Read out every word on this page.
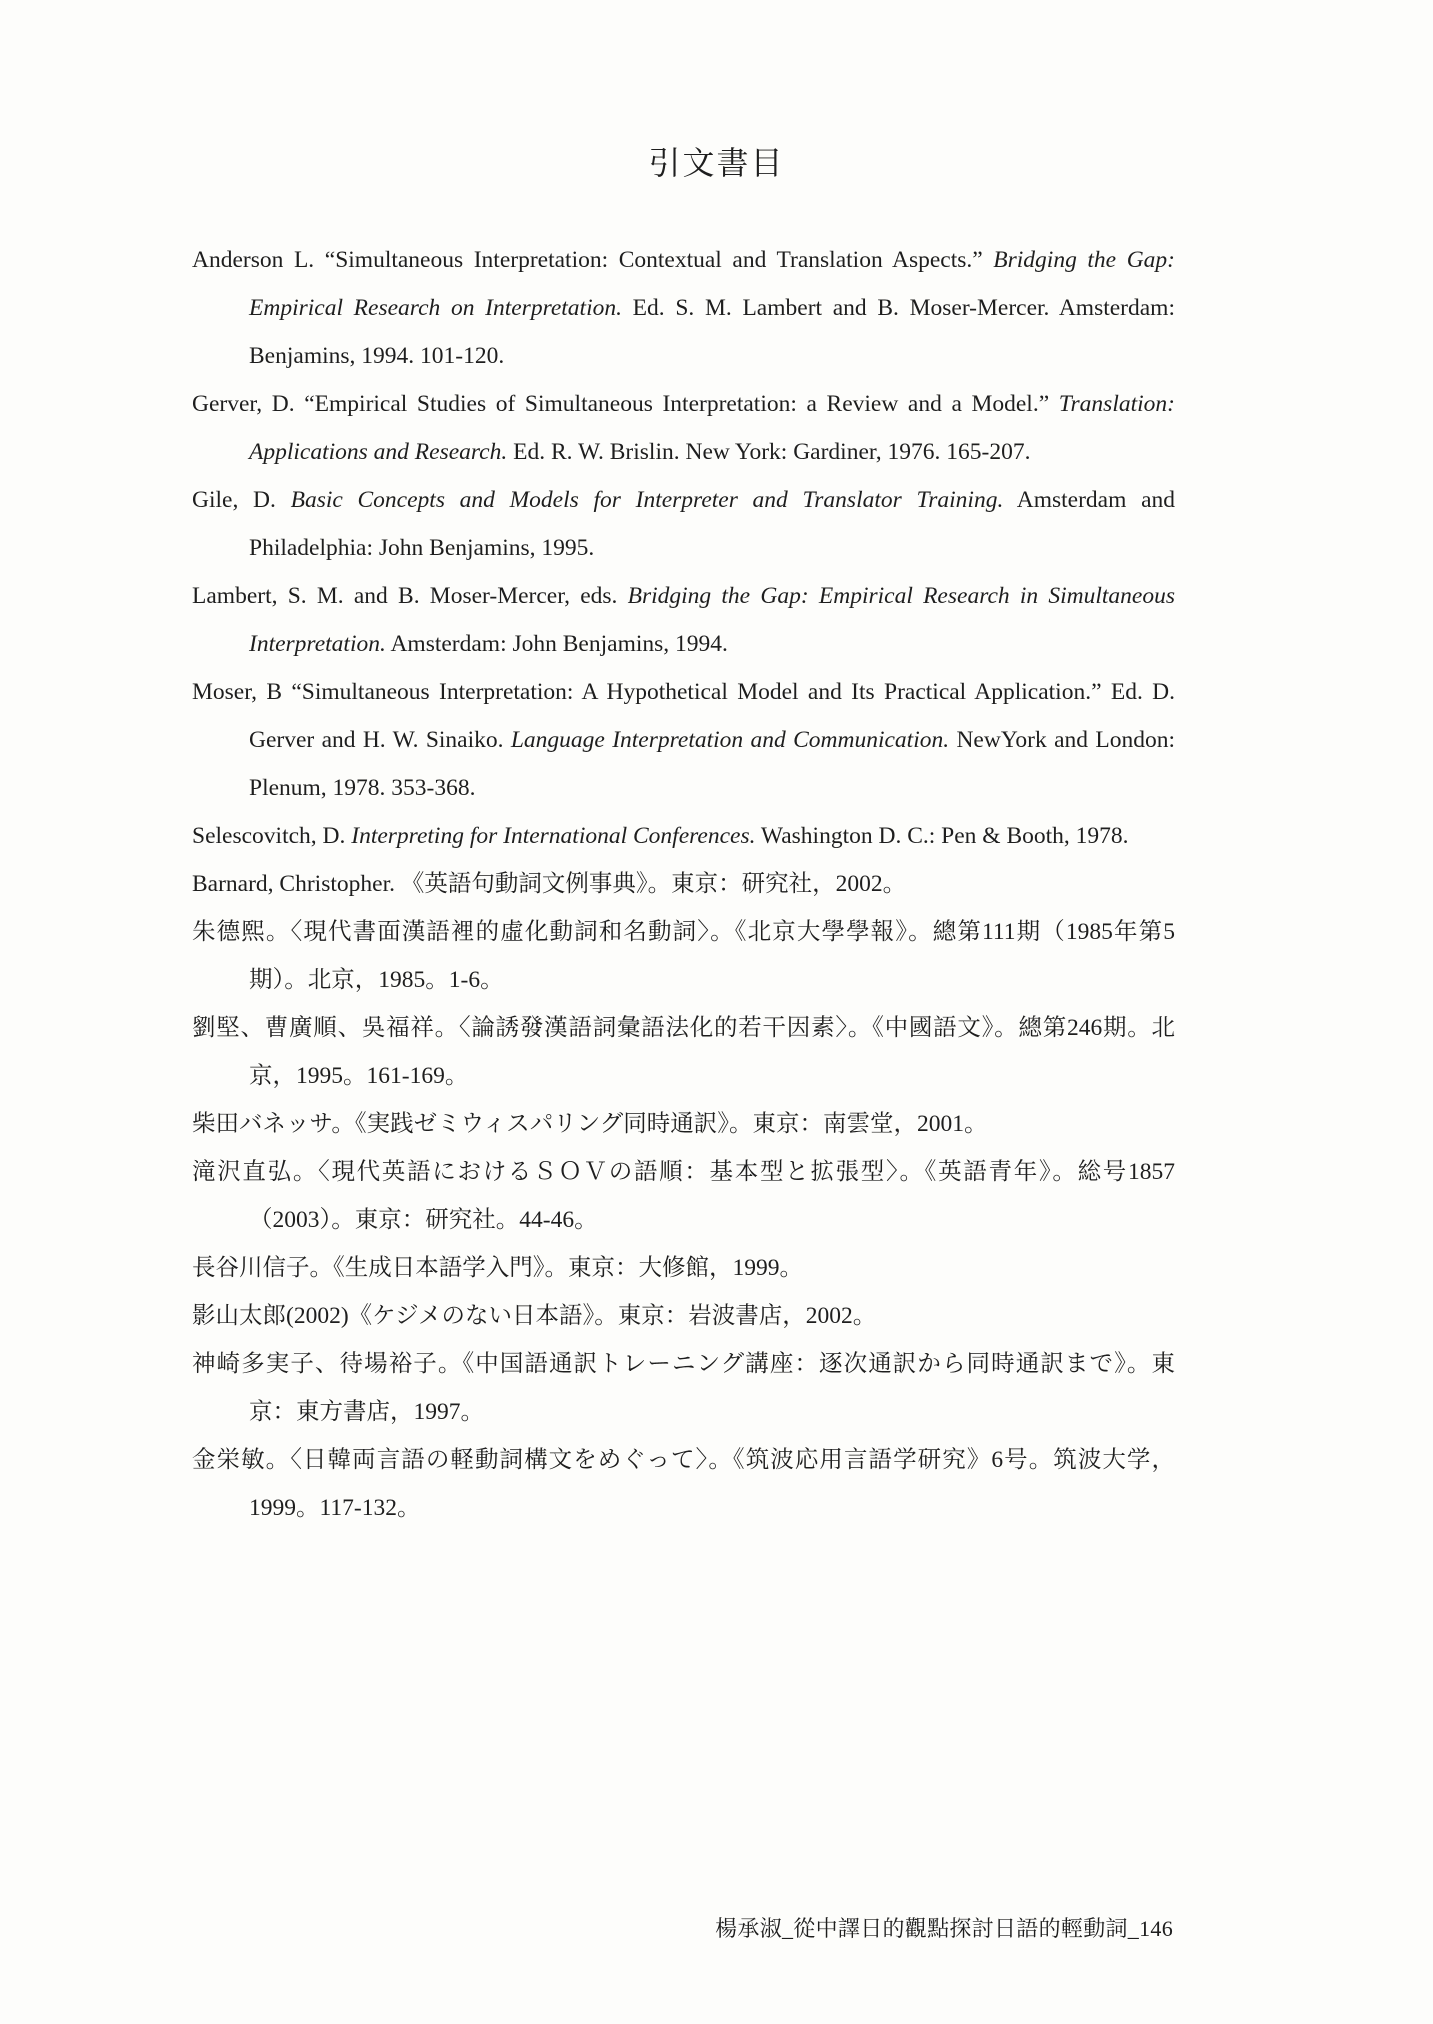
引文書目

Anderson L. “Simultaneous Interpretation: Contextual and Translation Aspects.” Bridging the Gap: Empirical Research on Interpretation. Ed. S. M. Lambert and B. Moser-Mercer. Amsterdam: Benjamins, 1994. 101-120.

Gerver, D. “Empirical Studies of Simultaneous Interpretation: a Review and a Model.” Translation: Applications and Research. Ed. R. W. Brislin. New York: Gardiner, 1976. 165-207.

Gile, D. Basic Concepts and Models for Interpreter and Translator Training. Amsterdam and Philadelphia: John Benjamins, 1995.

Lambert, S. M. and B. Moser-Mercer, eds. Bridging the Gap: Empirical Research in Simultaneous Interpretation. Amsterdam: John Benjamins, 1994.

Moser, B “Simultaneous Interpretation: A Hypothetical Model and Its Practical Application.” Ed. D. Gerver and H. W. Sinaiko. Language Interpretation and Communication. NewYork and London: Plenum, 1978. 353-368.

Selescovitch, D. Interpreting for International Conferences. Washington D. C.: Pen & Booth, 1978.

Barnard, Christopher. 《英語句動詞文例事典》。東京：研究社，2002。

朱德熙。〈現代書面漢語裡的虛化動詞和名動詞〉。《北京大學學報》。總第111期（1985年第5期）。北京，1985。1-6。

劉堅、曹廣順、吳福祥。〈論誘發漢語詞彙語法化的若干因素〉。《中國語文》。總第246期。北京，1995。161-169。

柴田バネッサ。《実践ゼミウィスパリング同時通訳》。東京：南雲堂，2001。

滝沢直弘。〈現代英語におけるＳＯＶの語順：基本型と拡張型〉。《英語青年》。総号1857（2003）。東京：研究社。44-46。

長谷川信子。《生成日本語学入門》。東京：大修館，1999。

影山太郎(2002)《ケジメのない日本語》。東京：岩波書店，2002。

神崎多実子、待場裕子。《中国語通訳トレーニング講座：逐次通訳から同時通訳まで》。東京：東方書店，1997。

金栄敏。〈日韓両言語の軽動詞構文をめぐって〉。《筑波応用言語学研究》6号。筑波大学，1999。117-132。

楊承淑_從中譯日的觀點探討日語的輕動詞_146
